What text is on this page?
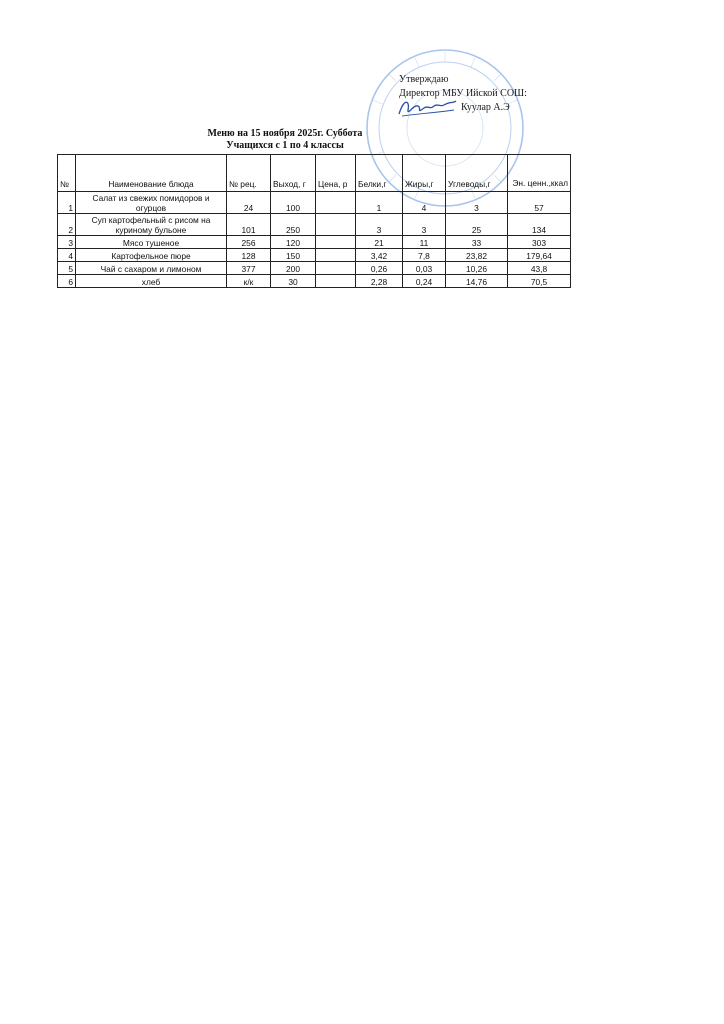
Утверждаю
Директор МБУ Ийской СОШ:
Куулар А.Э
Меню на 15 ноября 2025г. Суббота
Учащихся с 1 по 4 классы
№	Наименование блюда	№ рец.	Выход, г	Цена, р	Белки,г	Жиры,г	Углеводы,г	Эн. ценн.,ккал
1	Салат из свежих помидоров и огурцов	24	100		1	4	3	57
2	Суп картофельный с рисом на куриному бульоне	101	250		3	3	25	134
3	Мясо тушеное	256	120		21	11	33	303
4	Картофельное пюре	128	150		3,42	7,8	23,82	179,64
5	Чай с сахаром и лимоном	377	200		0,26	0,03	10,26	43,8
6	хлеб	к/к	30		2,28	0,24	14,76	70,5
